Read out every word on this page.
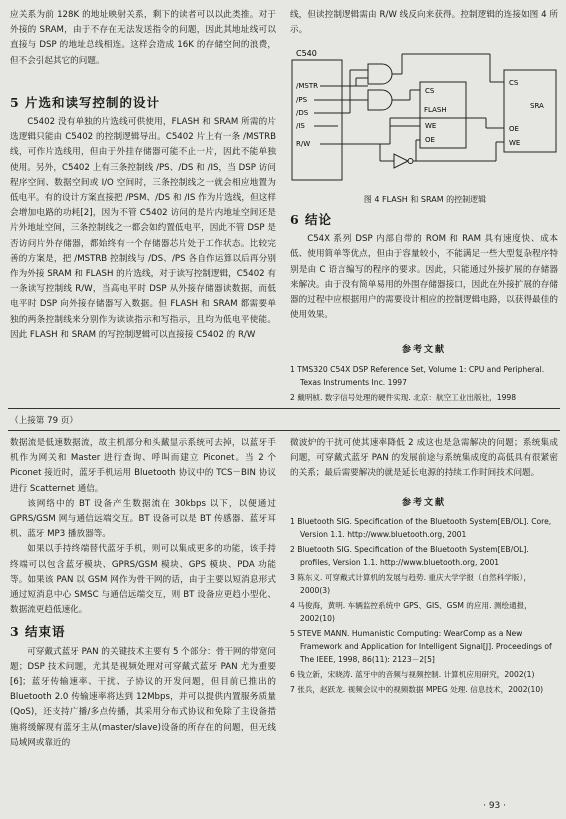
应关系为前 128K 的地址映射关系，剩下的读者可以以此类推。对于外接的 SRAM，由于不存在无法发送指令的问题，因此其地址线可以直接与 DSP 的地址总线相连。这样会造成 16K 的存储空间的浪费，但不会引起其它的问题。

5 片选和读写控制的设计

C5402 没有单独的片选线可供使用，FLASH 和 SRAM 所需的片选逻辑只能由 C5402 的控制逻辑导出。C5402 片上有一条 /MSTRB 线，可作片选线用，但由于外挂存储器可能不止一片，因此不能单独使用。另外，C5402 上有三条控制线 /PS、/DS 和 /IS，当 DSP 访问程序空间、数据空间或 I/O 空间时，三条控制线之一就会相应地置为低电平。有的设计方案直接把 /PSM、/DS 和 /IS 作为片选线，但这样会增加电路的功耗[2]，因为不管 C5402 访问的是片内地址空间还是片外地址空间，三条控制线之一都会如约置低电平，因此不管 DSP 是否访问片外存储器，都始终有一个存储器芯片处于工作状态。比较完善的方案是，把 /MSTRB 控制线与 /DS、/PS 各自作运算以后再分别作为外接 SRAM 和 FLASH 的片选线，对于读写控制逻辑，C5402 有一条读写控制线 R/W，当高电平时 DSP 从外接存储器读数据，而低电平时 DSP 向外接存储器写入数据。但 FLASH 和 SRAM 都需要单独的两条控制线来分别作为读读指示和写指示，且均为低电平使能。因此 FLASH 和 SRAM 的写控制逻辑可以直接接 C5402 的 R/W

线，但读控制逻辑需由 R/W 线反向来获得。控制逻辑的连接如图 4 所示。

C540
/MSTR
/PS
/DS
/IS
R/W
CS
FLASH
WE
OE
CS
SRA
OE
WE
图 4 FLASH 和 SRAM 的控制逻辑
6 结论

C54X 系列 DSP 内部自带的 ROM 和 RAM 具有速度快、成本低、使用简单等优点，但由于容量较小，不能满足一些大型复杂程序特别是由 C 语言编写的程序的要求。因此，只能通过外接扩展的存储器来解决。由于没有简单易用的外围存储器接口，因此在外接扩展的存储器的过程中应根据用户的需要设计相应的控制逻辑电路，以获得最佳的使用效果。

参考文献
1 TMS320 C54X DSP Reference Set, Volume 1: CPU and Peripheral. Texas Instruments Inc. 1997
2 戴明桢. 数字信号处理的硬件实现. 北京：航空工业出版社，1998
（上接第 79 页）

数据流是低速数据流，故主机部分和头戴显示系统可去掉，以蓝牙手机作为网关和 Master 进行查询、呼叫而建立 Piconet。当 2 个 Piconet 接近时，蓝牙手机运用 Bluetooth 协议中的 TCS－BIN 协议进行 Scatternet 通信。

该网络中的 BT 设备产生数据流在 30kbps 以下，以便通过 GPRS/GSM 网与通信远端交互。BT 设备可以是 BT 传感器、蓝牙耳机、蓝牙 MP3 播放器等。

如果以手持终端替代蓝牙手机，则可以集成更多的功能，该手持终端可以包含蓝牙模块、GPRS/GSM 模块、GPS 模块、PDA 功能等。如果该 PAN 以 GSM 网作为骨干网的话，由于主要以短消息形式通过短消息中心 SMSC 与通信远端交互，则 BT 设备应更趋小型化、数据流更趋低速化。

3 结束语

可穿戴式蓝牙 PAN 的关键技术主要有 5 个部分：骨干网的带宽问题；DSP 技术问题，尤其是视频处理对可穿戴式蓝牙 PAN 尤为重要[6]；蓝牙传输速率、干扰、子协议的开发问题，但目前已推出的 Bluetooth 2.0 传输速率将达到 12Mbps，并可以提供内置服务质量(QoS)，还支持广播/多点传播，其采用分布式协议和免除了主设备措施将缓解现有蓝牙主从(master/slave)设备的所存在的问题，但无线局域网或靠近的

微波炉的干扰可使其速率降低 2 成这也是急需解决的问题；系统集成问题，可穿戴式蓝牙 PAN 的发展前途与系统集成度的高低具有很紧密的关系；最后需要解决的就是延长电源的持续工作时间技术问题。

参考文献
1 Bluetooth SIG. Specification of the Bluetooth System[EB/OL]. Core, Version 1.1. http://www.bluetooth.org, 2001
2 Bluetooth SIG. Specification of the Bluetooth System[EB/OL]. profiles, Version 1.1. http://www.bluetooth.org, 2001
3 陈东义. 可穿戴式计算机的发展与趋势. 重庆大学学报（自然科学版），2000(3)
4 马俊海，黄明. 车辆监控系统中 GPS、GIS、GSM 的应用. 测绘通报，2002(10)
5 STEVE MANN. Humanistic Computing: WearComp as a New Framework and Application for Intelligent Signal[J]. Proceedings of The IEEE, 1998, 86(11): 2123－2[5]
6 钱立新，宋晓涛. 蓝牙中的音频与视频控制. 计算机应用研究，2002(1)
7 张兵，赵跃龙. 视频会议中的视频数据 MPEG 处理. 信息技术，2002(10)
· 93 ·
